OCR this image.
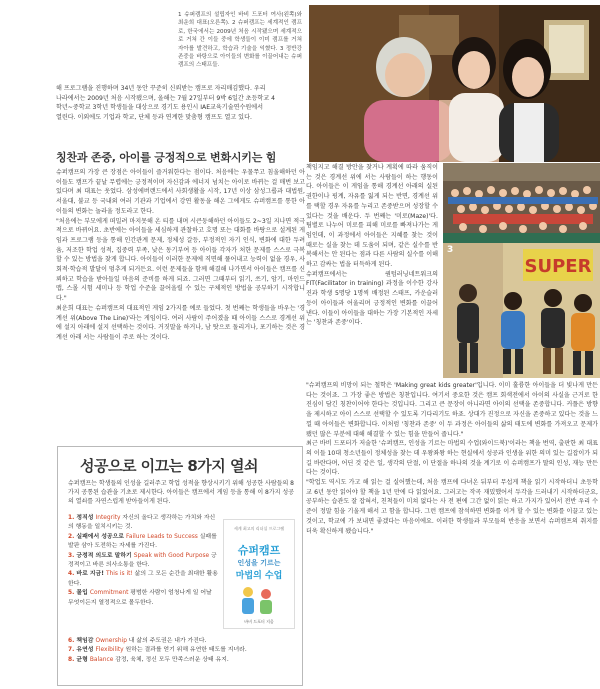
1 슈퍼캠프의 설립자인 바비 드포터 여사(왼쪽)와 최운희 대표(오른쪽). 2 슈퍼캠프는 세계적인 캠프로, 한국에서는 2009년 처음 시작됐으며 세계적으로 거쳐 간 이들 중에 학생들이 이미 캠프를 거쳐 자아를 발견하고, 학습과 기술을 익혔다. 3 정반강 존중을 바탕으로 아이들의 변화를 이끌어내는 슈퍼캠프의 스태프들.

해 프로그램을 진행하며 34년 동안 꾸준히 신뢰받는 캠프로 자리매김했다. 우리

나라에서는 2009년 처음 시작됐으며, 올해는 7월 27일부터 9박 6일간 초등학교 4

학년~중학교 3학년 학생들을 대상으로 경기도 용인시 IAE교육기술연수원에서

열린다. 이외에도 기업과 학교, 단체 등과 연계한 맞춤형 캠프도 열고 있다.

칭찬과 존중, 아이를 긍정적으로 변화시키는 힘

슈퍼캠프의 가장 큰 장점은 아이들이 즐거워한다는 점이다. 처음에는 우물쭈고 침울해하던 아이들도 캠프가 끝날 무렵에는 긍정적이며 자신감과 에너지 넘치는 아이로 바뀌는 걸 매번 보고 있다며 최 대표는 웃었다. 삼성에버랜드에서 사회생활을 시작, 17년 이상 삼성그룹과 대법원, 서울대, 불교 등 국내외 여러 기관과 기업에서 강연 활동을 해온 그에게도 슈퍼캠프를 통한 아이들의 변화는 놀라울 정도라고 한다.

"처음에는 부모에게 떠밀려 마지못해 온 티를 내며 시큰둥해하던 아이들도 2~3일 지나면 적극적으로 바뀌어요. 초반에는 아이들을 세심하게 관찰하고 호명 또는 대화를 바탕으로 설계된 게임과 프로그램 등을 통해 인간관계 문제, 정체성 갈등, 부정적인 자기 인식, 변화에 대한 두려움, 저조한 학업 성적, 집중력 부족, 낮은 동기부여 등 아이들 각자가 처한 문제를 스스로 극복할 수 있는 방법을 찾게 합니다. 아이들이 이러한 문제에 직면해 풀어내고 능력이 없을 경우, 사회적·학습적 발달이 멈추게 되거든요. 이런 문제들을 함께 해결해 나가면서 아이들은 캠프를 신뢰하고 학습을 받아들일 마음의 준비를 하게 되죠. 그러면 그때부터 읽기, 쓰기, 암기, 마인드맵, 스몰 시험 세미나 등 학업 수준을 끌어올릴 수 있는 구체적인 방법을 공부하기 시작합니다."

최운희 대표는 슈퍼캠프의 대표적인 게임 2가지를 예로 들었다. 첫 번째는 학생들을 바우는 '경계선 위(Above The Line)'라는 게임이다. 여러 사람이 주어졌을 때 아이들 스스로 경계선 위에 설지 아래에 설지 선택하는 것이다. 거짓말을 하거나, 남 탓으로 돌리거나, 포기하는 것은 경계선 아래 서는 사람들이 주로 하는 것이다.

SUPER
3

책임지고 해결 방안을 찾거나 계획에 따라 움직이는 것은 경계선 위에 서는 사람들이 하는 행동이다. 아이들은 이 게임을 통해 경계선 아래의 실된 권한이나 핑계, 자유를 잃게 되는 반면, 경계선 위를 택할 경우 자유를 누리고 존중받으며 성장할 수 있다는 것을 배운다. 두 번째는 '미로(Maze)'다. 팀별로 나누어 미로를 피해 미로를 빠져나가는 게임인데, 이 과정에서 아이들은 지혜를 찾는 것이 때로는 실을 찾는 데 도움이 되며, 같은 실수를 반복해서는 안 된다는 점과 다른 사람의 실수를 이해하고 감싸는 법을 터득하게 된다.

슈퍼캠프에서는 퀀텀러닝네트워크의 FIT(Facilitator in training) 과정을 이수한 강사진과 학생 5명당 1명씩 배정된 스태프, 카운슬러 등이 아이들과 어울리며 긍정적인 변화를 이끌어낸다. 이들이 아이들을 대하는 가장 기본적인 자세는 '칭찬과 존중'이다.

"슈퍼캠프의 비망이 되는 철학은 'Making great kids greater'입니다. 이미 훌륭한 아이들을 더 빛나게 만든다는 것이죠. 그 가장 좋은 방법은 칭찬입니다. 여기서 중요한 것은 캠프 회색전에서 아이의 사실을 근거로 한 진심이 담긴 칭찬이어야 한다는 것입니다. 그리고 큰 문장이 아니라면 아이의 선택을 존중합니다. 커플은 방향을 제시하고 아이 스스로 선택할 수 있도록 기다리기도 하죠. 상대가 진정으로 자신을 존중하고 있다는 것을 느낄 때 아이들은 변화합니다. 이처럼 '칭찬과 존중' 이 두 과정은 아이들의 삶의 태도에 변화를 가져오고 문제가 됐던 많은 부분에 대해 해결할 수 있는 힘을 만들어 줍니다."

최근 바비 드포터가 저술한 '슈퍼캠프, 인성을 기르는 마법의 수업(와이드북)'이라는 책을 번역, 출판한 최 대표의 이들 10대 청소년들이 정체성을 찾는 데 우왕좌왕 하는 현실에서 성공과 인생을 위한 의미 있는 길잡이가 되길 바란다며, 어딘 것 같은 일, 생각의 단절, 이 단절을 하나의 것을 계기로 이 슈퍼캠프가 딸의 인성, 재능 만든다는 것이다.

"학업도 역시도 가고 해 읽는 걸 실어했는데, 처음 캠프에 다녀온 뒤부터 무섭게 책을 읽기 시작하더니 초등학교 6년 동안 읽어야 할 책을 1년 만에 다 읽었어요. 그러고는 작곡 재밌했어서 두각을 드러내기 시작하더군요, 공부하는 습관도 잘 잡혀서, 친척들이 미쳐 없다는 사 전 편에 그간 없이 읽는 하고 가지가 있어서 전반 우리 수준이 정말 힘을 기울게 해서 고 함을 합니다. 그런 캠프에 참석하면 변화를 이겨 할 수 있는 변화를 이끌고 있는 것이고, 학교에 가 보내면 좋겠다는 마음이에요. 이러한 학생들과 부모들의 반응을 보면서 슈퍼캠프의 취지를 더욱 확신하게 됐습니다."

성공으로 이끄는 8가지 열쇠
슈퍼캠프는 학생들의 인성을 길러주고 학업 성적을 향상시키기 위해 성공한 사람들의 8가지 공통된 습관을 기초로 제시한다. 아이들은 캠프에서 게임 등을 통해 이 8가지 성공의 열쇠를 자연스럽게 받아들이게 된다.
1. 정직성 Integrity 자신의 올다고 생각하는 가치와 자신의 행동을 일치시키는 것.
2. 실패에서 성공으로 Failure Leads to Success 실패를 발판 삼아 도전하는 자세를 가진다.
3. 긍정적 의도로 말하기 Speak with Good Purpose 긍정적이고 바른 의사소통을 한다.
4. 바로 지금! This is it! 삶의 그 모든 순간을 최대한 활용한다.
5. 몰입 Commitment 평범한 사람이 엄청나게 일 어날 무엇이든지 열정적으로 몰두한다.
6. 책임감 Ownership 내 삶의 주도권은 내가 가진다.
7. 유연성 Flexibility 원하는 결과를 얻기 위해 유연한 태도를 지녀라.
8. 균형 Balance 감정, 육체, 정신 모두 만족스러운 상태 유지.
세계 최고의 리더십 프로그램
슈퍼캠프
인성을 기르는
마법의 수업
바비 드포터 지음
